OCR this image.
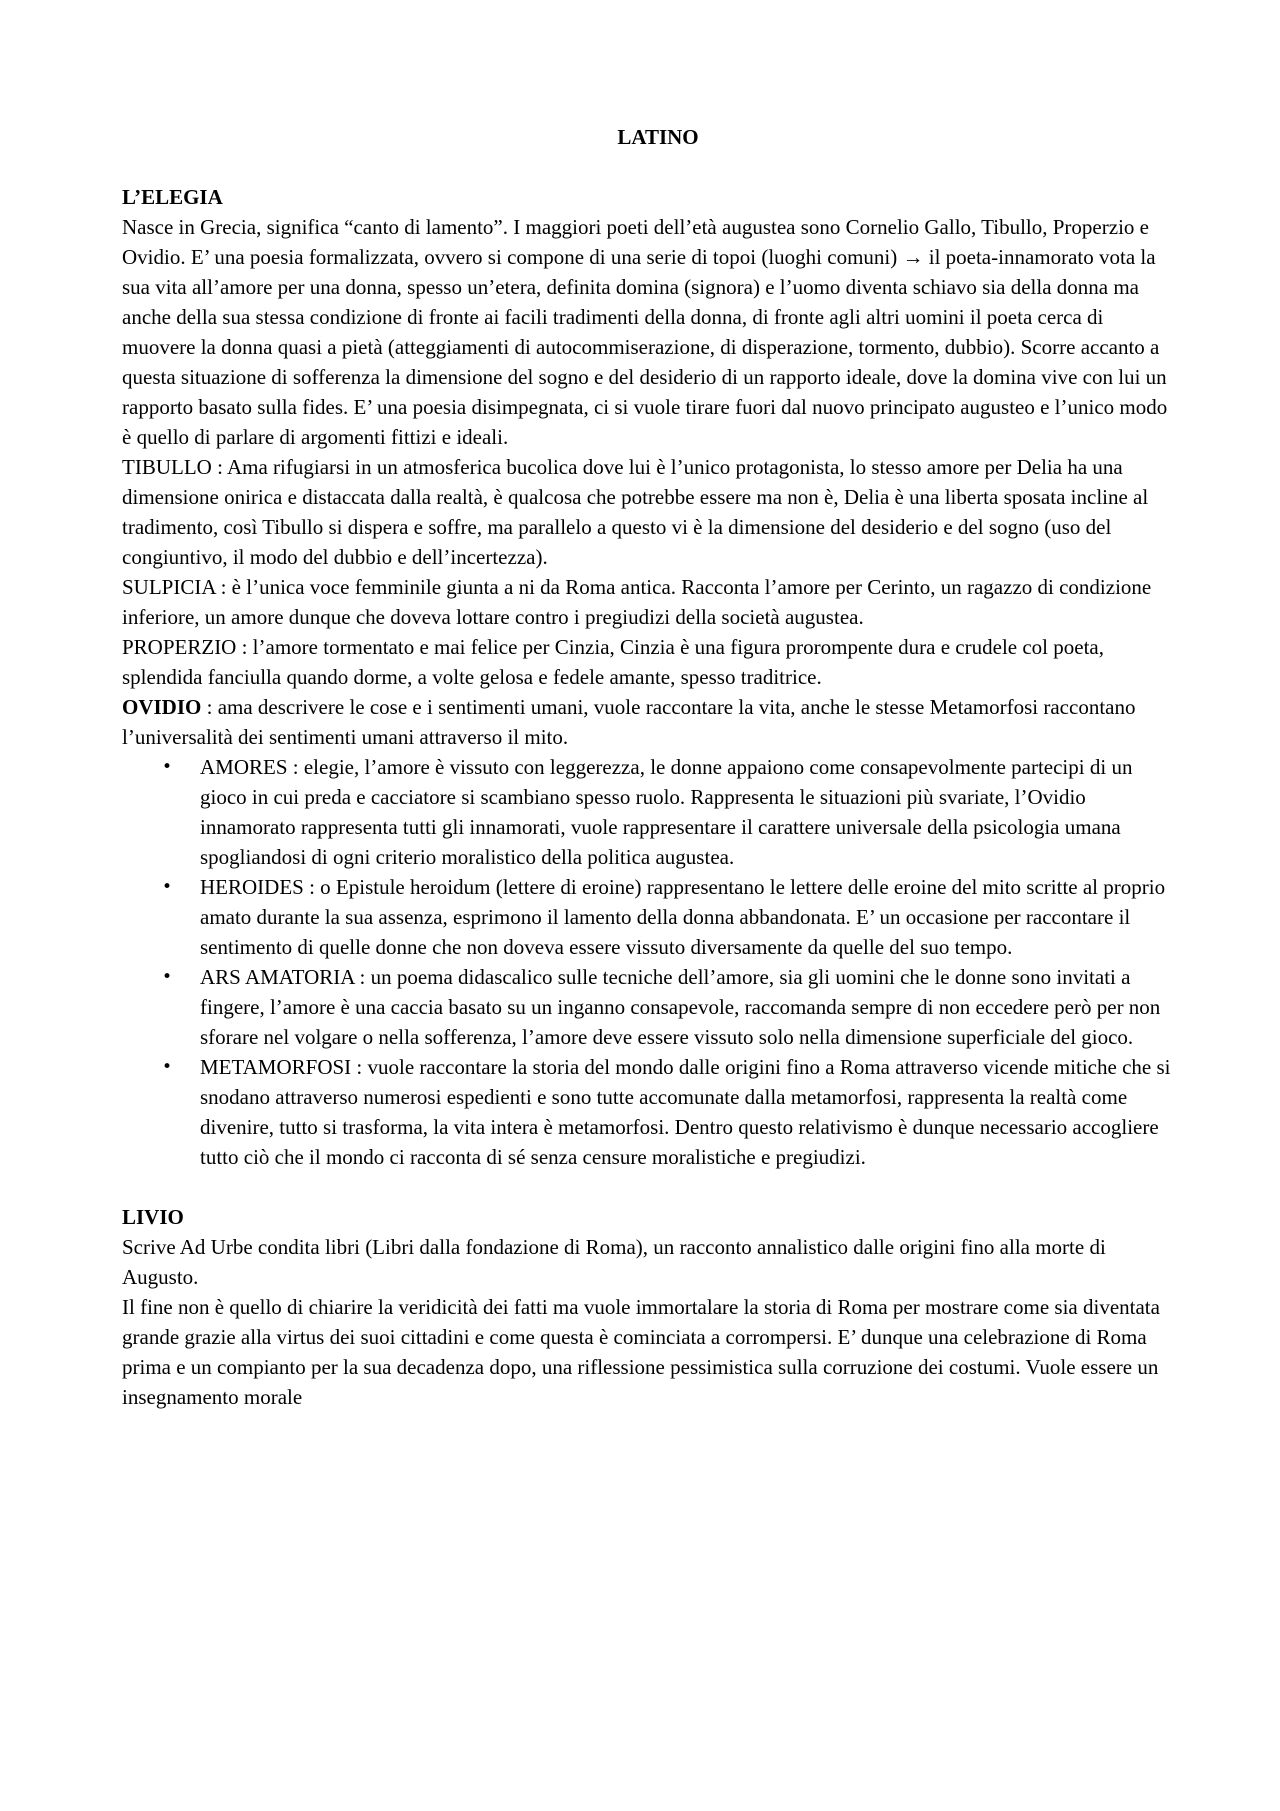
LATINO
L’ELEGIA

Nasce in Grecia, significa “canto di lamento”. I maggiori poeti dell’età augustea sono Cornelio Gallo, Tibullo, Properzio e Ovidio. E’ una poesia formalizzata, ovvero si compone di una serie di topoi (luoghi comuni) → il poeta-innamorato vota la sua vita all’amore per una donna, spesso un’etera, definita domina (signora) e l’uomo diventa schiavo sia della donna ma anche della sua stessa condizione di fronte ai facili tradimenti della donna, di fronte agli altri uomini il poeta cerca di muovere la donna quasi a pietà (atteggiamenti di autocommiserazione, di disperazione, tormento, dubbio). Scorre accanto a questa situazione di sofferenza la dimensione del sogno e del desiderio di un rapporto ideale, dove la domina vive con lui un rapporto basato sulla fides. E’ una poesia disimpegnata, ci si vuole tirare fuori dal nuovo principato augusteo e l’unico modo è quello di parlare di argomenti fittizi e ideali.

TIBULLO : Ama rifugiarsi in un atmosferica bucolica dove lui è l’unico protagonista, lo stesso amore per Delia ha una dimensione onirica e distaccata dalla realtà, è qualcosa che potrebbe essere ma non è, Delia è una liberta sposata incline al tradimento, così Tibullo si dispera e soffre, ma parallelo a questo vi è la dimensione del desiderio e del sogno (uso del congiuntivo, il modo del dubbio e dell’incertezza).

SULPICIA : è l’unica voce femminile giunta a ni da Roma antica. Racconta l’amore per Cerinto, un ragazzo di condizione inferiore, un amore dunque che doveva lottare contro i pregiudizi della società augustea.

PROPERZIO : l’amore tormentato e mai felice per Cinzia, Cinzia è una figura prorompente dura e crudele col poeta, splendida fanciulla quando dorme, a volte gelosa e fedele amante, spesso traditrice.

OVIDIO : ama descrivere le cose e i sentimenti umani, vuole raccontare la vita, anche le stesse Metamorfosi raccontano l’universalità dei sentimenti umani attraverso il mito.

• AMORES : elegie, l’amore è vissuto con leggerezza, le donne appaiono come consapevolmente partecipi di un gioco in cui preda e cacciatore si scambiano spesso ruolo. Rappresenta le situazioni più svariate, l’Ovidio innamorato rappresenta tutti gli innamorati, vuole rappresentare il carattere universale della psicologia umana spogliandosi di ogni criterio moralistico della politica augustea.
• HEROIDES : o Epistule heroidum (lettere di eroine) rappresentano le lettere delle eroine del mito scritte al proprio amato durante la sua assenza, esprimono il lamento della donna abbandonata. E’ un occasione per raccontare il sentimento di quelle donne che non doveva essere vissuto diversamente da quelle del suo tempo.
• ARS AMATORIA : un poema didascalico sulle tecniche dell’amore, sia gli uomini che le donne sono invitati a fingere, l’amore è una caccia basato su un inganno consapevole, raccomanda sempre di non eccedere però per non sforare nel volgare o nella sofferenza, l’amore deve essere vissuto solo nella dimensione superficiale del gioco.
• METAMORFOSI : vuole raccontare la storia del mondo dalle origini fino a Roma attraverso vicende mitiche che si snodano attraverso numerosi espedienti e sono tutte accomunate dalla metamorfosi, rappresenta la realtà come divenire, tutto si trasforma, la vita intera è metamorfosi. Dentro questo relativismo è dunque necessario accogliere tutto ciò che il mondo ci racconta di sé senza censure moralistiche e pregiudizi.
LIVIO

Scrive Ad Urbe condita libri (Libri dalla fondazione di Roma), un racconto annalistico dalle origini fino alla morte di Augusto.

Il fine non è quello di chiarire la veridicità dei fatti ma vuole immortalare la storia di Roma per mostrare come sia diventata grande grazie alla virtus dei suoi cittadini e come questa è cominciata a corrompersi. E’ dunque una celebrazione di Roma prima e un compianto per la sua decadenza dopo, una riflessione pessimistica sulla corruzione dei costumi. Vuole essere un insegnamento morale
